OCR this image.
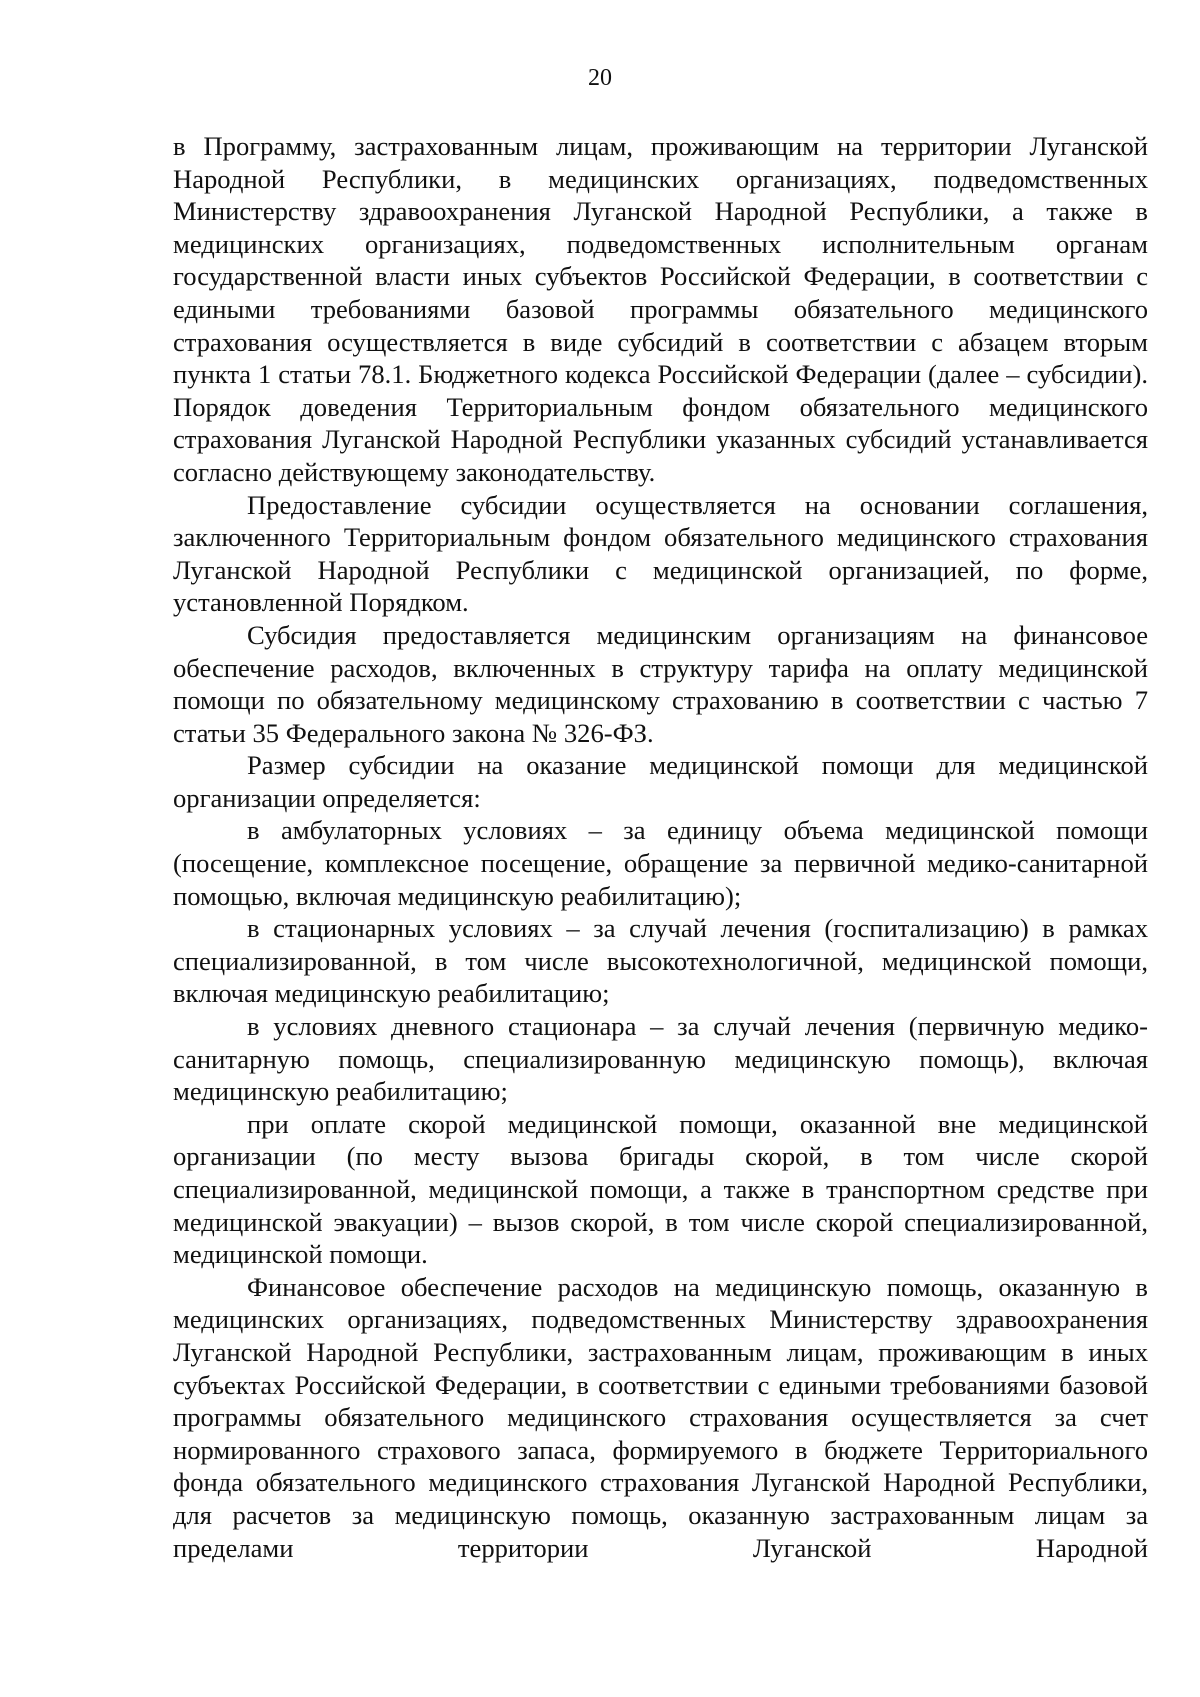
20

в Программу, застрахованным лицам, проживающим на территории Луганской Народной Республики, в медицинских организациях, подведомственных Министерству здравоохранения Луганской Народной Республики, а также в медицинских организациях, подведомственных исполнительным органам государственной власти иных субъектов Российской Федерации, в соответствии с едиными требованиями базовой программы обязательного медицинского страхования осуществляется в виде субсидий в соответствии с абзацем вторым пункта 1 статьи 78.1. Бюджетного кодекса Российской Федерации (далее – субсидии). Порядок доведения Территориальным фондом обязательного медицинского страхования Луганской Народной Республики указанных субсидий устанавливается согласно действующему законодательству.

Предоставление субсидии осуществляется на основании соглашения, заключенного Территориальным фондом обязательного медицинского страхования Луганской Народной Республики с медицинской организацией, по форме, установленной Порядком.

Субсидия предоставляется медицинским организациям на финансовое обеспечение расходов, включенных в структуру тарифа на оплату медицинской помощи по обязательному медицинскому страхованию в соответствии с частью 7 статьи 35 Федерального закона № 326-ФЗ.

Размер субсидии на оказание медицинской помощи для медицинской организации определяется:

в амбулаторных условиях – за единицу объема медицинской помощи (посещение, комплексное посещение, обращение за первичной медико-санитарной помощью, включая медицинскую реабилитацию);

в стационарных условиях – за случай лечения (госпитализацию) в рамках специализированной, в том числе высокотехнологичной, медицинской помощи, включая медицинскую реабилитацию;

в условиях дневного стационара – за случай лечения (первичную медико-санитарную помощь, специализированную медицинскую помощь), включая медицинскую реабилитацию;

при оплате скорой медицинской помощи, оказанной вне медицинской организации (по месту вызова бригады скорой, в том числе скорой специализированной, медицинской помощи, а также в транспортном средстве при медицинской эвакуации) – вызов скорой, в том числе скорой специализированной, медицинской помощи.

Финансовое обеспечение расходов на медицинскую помощь, оказанную в медицинских организациях, подведомственных Министерству здравоохранения Луганской Народной Республики, застрахованным лицам, проживающим в иных субъектах Российской Федерации, в соответствии с едиными требованиями базовой программы обязательного медицинского страхования осуществляется за счет нормированного страхового запаса, формируемого в бюджете Территориального фонда обязательного медицинского страхования Луганской Народной Республики, для расчетов за медицинскую помощь, оказанную застрахованным лицам за пределами территории Луганской Народной
